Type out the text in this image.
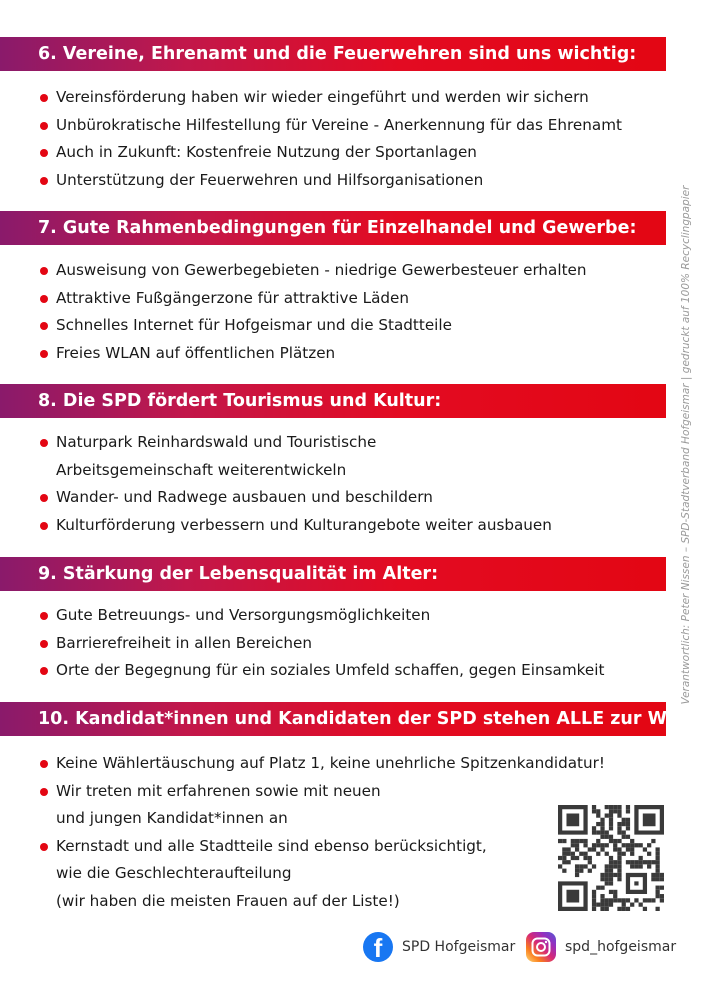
6. Vereine, Ehrenamt und die Feuerwehren sind uns wichtig:
Vereinsförderung haben wir wieder eingeführt und werden wir sichern
Unbürokratische Hilfestellung für Vereine - Anerkennung für das Ehrenamt
Auch in Zukunft: Kostenfreie Nutzung der Sportanlagen
Unterstützung der Feuerwehren und Hilfsorganisationen
7. Gute Rahmenbedingungen für Einzelhandel und Gewerbe:
Ausweisung von Gewerbegebieten - niedrige Gewerbesteuer erhalten
Attraktive Fußgängerzone für attraktive Läden
Schnelles Internet für Hofgeismar und die Stadtteile
Freies WLAN auf öffentlichen Plätzen
8. Die SPD fördert Tourismus und Kultur:
Naturpark Reinhardswald und Touristische
Arbeitsgemeinschaft weiterentwickeln
Wander- und Radwege ausbauen und beschildern
Kulturförderung verbessern und Kulturangebote weiter ausbauen
9. Stärkung der Lebensqualität im Alter:
Gute Betreuungs- und Versorgungsmöglichkeiten
Barrierefreiheit in allen Bereichen
Orte der Begegnung für ein soziales Umfeld schaffen, gegen Einsamkeit
10. Kandidat*innen und Kandidaten der SPD stehen ALLE zur Wahl:
Keine Wählertäuschung auf Platz 1, keine unehrliche Spitzenkandidatur!
Wir treten mit erfahrenen sowie mit neuen
und jungen Kandidat*innen an
Kernstadt und alle Stadtteile sind ebenso berücksichtigt,
wie die Geschlechteraufteilung
(wir haben die meisten Frauen auf der Liste!)
Verantwortlich: Peter Nissen – SPD-Stadtverband Hofgeismar | gedruckt auf 100% Recyclingpapier
f SPD Hofgeismar	spd_hofgeismar
